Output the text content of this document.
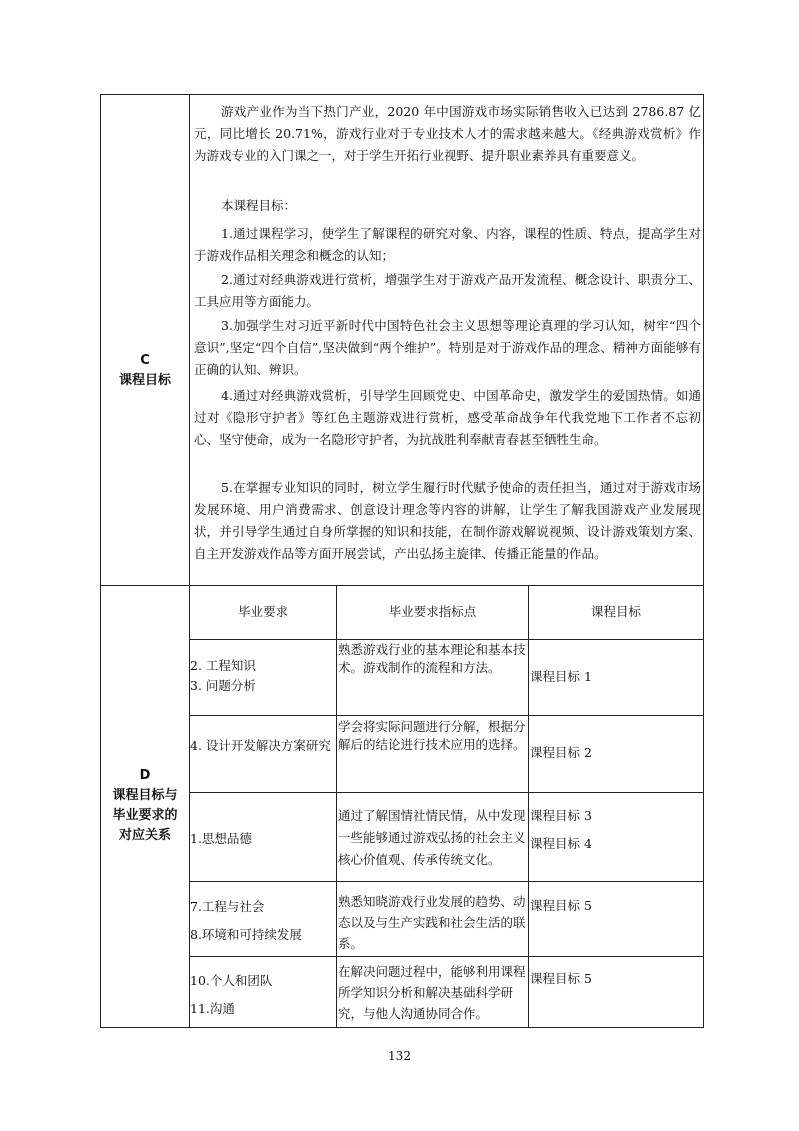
C
课程目标

游戏产业作为当下热门产业，2020 年中国游戏市场实际销售收入已达到 2786.87 亿元，同比增长 20.71%，游戏行业对于专业技术人才的需求越来越大。《经典游戏赏析》作为游戏专业的入门课之一，对于学生开拓行业视野、提升职业素养具有重要意义。

本课程目标：

1.通过课程学习，使学生了解课程的研究对象、内容，课程的性质、特点，提高学生对于游戏作品相关理念和概念的认知；

2.通过对经典游戏进行赏析，增强学生对于游戏产品开发流程、概念设计、职责分工、工具应用等方面能力。

3.加强学生对习近平新时代中国特色社会主义思想等理论真理的学习认知，树牢“四个意识”,坚定“四个自信”,坚决做到“两个维护”。特别是对于游戏作品的理念、精神方面能够有正确的认知、辨识。

4.通过对经典游戏赏析，引导学生回顾党史、中国革命史，激发学生的爱国热情。如通过对《隐形守护者》等红色主题游戏进行赏析，感受革命战争年代我党地下工作者不忘初心、坚守使命，成为一名隐形守护者，为抗战胜利奉献青春甚至牺牲生命。

5.在掌握专业知识的同时，树立学生履行时代赋予使命的责任担当，通过对于游戏市场发展环境、用户消费需求、创意设计理念等内容的讲解，让学生了解我国游戏产业发展现状，并引导学生通过自身所掌握的知识和技能，在制作游戏解说视频、设计游戏策划方案、自主开发游戏作品等方面开展尝试，产出弘扬主旋律、传播正能量的作品。

D
课程目标与
毕业要求的
对应关系
毕业要求	毕业要求指标点	课程目标
2. 工程知识
3. 问题分析
熟悉游戏行业的基本理论和基本技术。游戏制作的流程和方法。
课程目标 1
4. 设计开发解决方案研究
学会将实际问题进行分解，根据分解后的结论进行技术应用的选择。
课程目标 2
1.思想品德
通过了解国情社情民情，从中发现一些能够通过游戏弘扬的社会主义核心价值观、传承传统文化。
课程目标 3
课程目标 4
7.工程与社会
8.环境和可持续发展
熟悉知晓游戏行业发展的趋势、动态以及与生产实践和社会生活的联系。
课程目标 5
10.个人和团队
11.沟通
在解决问题过程中，能够利用课程所学知识分析和解决基础科学研究，与他人沟通协同合作。
课程目标 5
132
